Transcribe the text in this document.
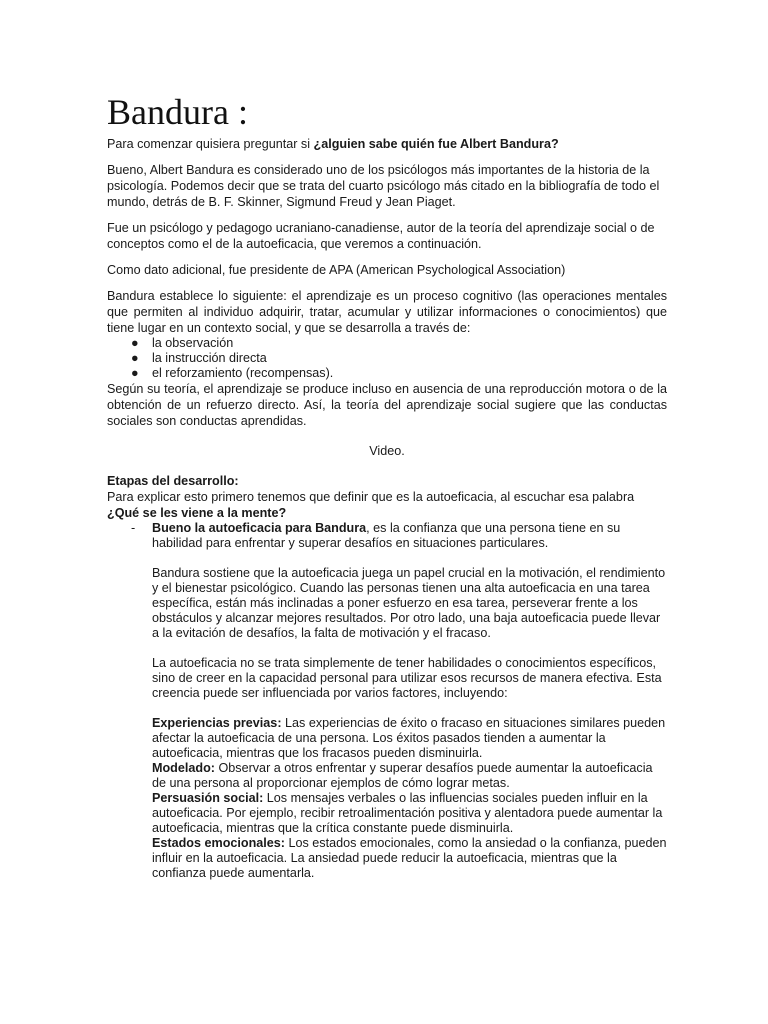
Bandura :

Para comenzar quisiera preguntar si ¿alguien sabe quién fue Albert Bandura?

Bueno, Albert Bandura es considerado uno de los psicólogos más importantes de la historia de la psicología. Podemos decir que se trata del cuarto psicólogo más citado en la bibliografía de todo el mundo, detrás de B. F. Skinner, Sigmund Freud y Jean Piaget.

Fue un psicólogo y pedagogo ucraniano-canadiense, autor de la teoría del aprendizaje social o de conceptos como el de la autoeficacia, que veremos a continuación.

Como dato adicional, fue presidente de APA (American Psychological Association)

Bandura establece lo siguiente: el aprendizaje es un proceso cognitivo (las operaciones mentales que permiten al individuo adquirir, tratar, acumular y utilizar informaciones o conocimientos) que tiene lugar en un contexto social, y que se desarrolla a través de:

● la observación
● la instrucción directa
● el reforzamiento (recompensas).

Según su teoría, el aprendizaje se produce incluso en ausencia de una reproducción motora o de la obtención de un refuerzo directo. Así, la teoría del aprendizaje social sugiere que las conductas sociales son conductas aprendidas.

Video.

Etapas del desarrollo:
Para explicar esto primero tenemos que definir que es la autoeficacia, al escuchar esa palabra
¿Qué se les viene a la mente?
- Bueno la autoeficacia para Bandura, es la confianza que una persona tiene en su habilidad para enfrentar y superar desafíos en situaciones particulares.
Bandura sostiene que la autoeficacia juega un papel crucial en la motivación, el rendimiento y el bienestar psicológico. Cuando las personas tienen una alta autoeficacia en una tarea específica, están más inclinadas a poner esfuerzo en esa tarea, perseverar frente a los obstáculos y alcanzar mejores resultados. Por otro lado, una baja autoeficacia puede llevar a la evitación de desafíos, la falta de motivación y el fracaso.
La autoeficacia no se trata simplemente de tener habilidades o conocimientos específicos, sino de creer en la capacidad personal para utilizar esos recursos de manera efectiva. Esta creencia puede ser influenciada por varios factores, incluyendo:
Experiencias previas: Las experiencias de éxito o fracaso en situaciones similares pueden afectar la autoeficacia de una persona. Los éxitos pasados tienden a aumentar la autoeficacia, mientras que los fracasos pueden disminuirla.
Modelado: Observar a otros enfrentar y superar desafíos puede aumentar la autoeficacia de una persona al proporcionar ejemplos de cómo lograr metas.
Persuasión social: Los mensajes verbales o las influencias sociales pueden influir en la autoeficacia. Por ejemplo, recibir retroalimentación positiva y alentadora puede aumentar la autoeficacia, mientras que la crítica constante puede disminuirla.
Estados emocionales: Los estados emocionales, como la ansiedad o la confianza, pueden influir en la autoeficacia. La ansiedad puede reducir la autoeficacia, mientras que la confianza puede aumentarla.
